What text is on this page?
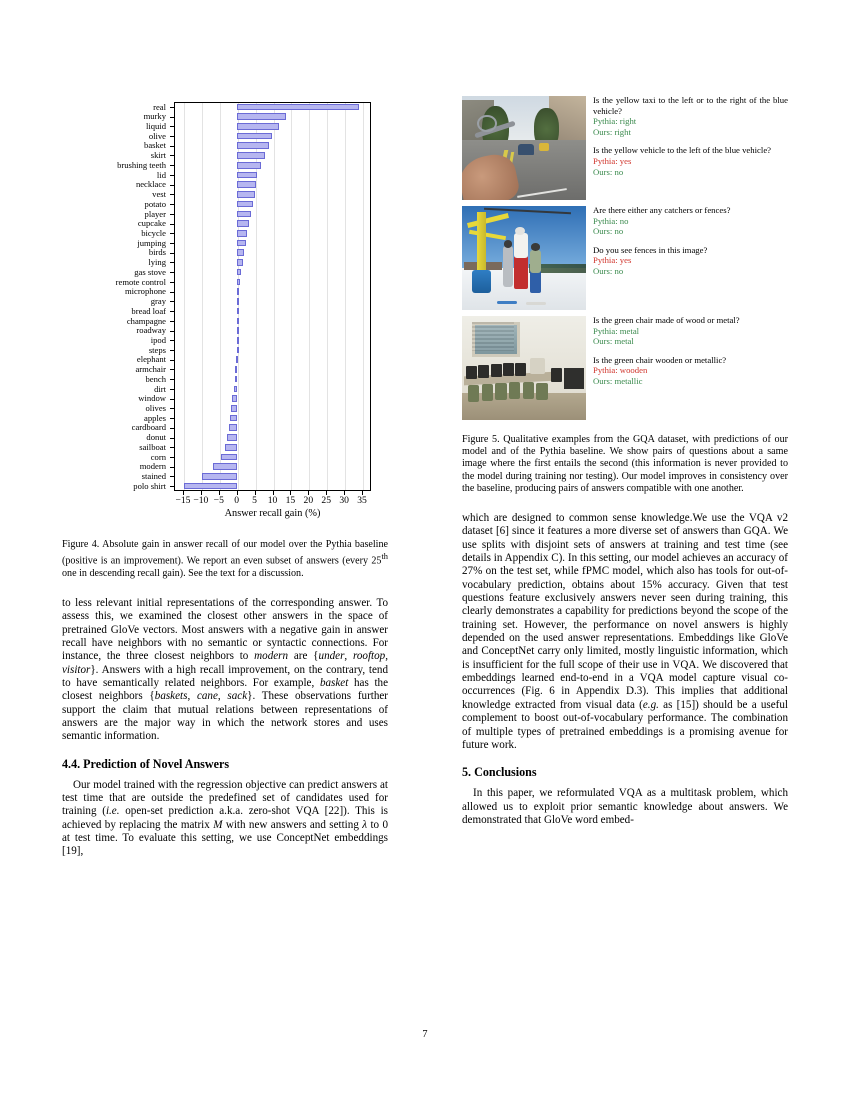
real
murky
liquid
olive
basket
skirt
brushing teeth
lid
necklace
vest
potato
player
cupcake
bicycle
jumping
birds
lying
gas stove
remote control
microphone
gray
bread loaf
champagne
roadway
ipod
steps
elephant
armchair
bench
dirt
window
olives
apples
cardboard
donut
sailboat
corn
modern
stained
polo shirt
−15 −10 −5 0 5 10 15 20 25 30 35
Answer recall gain (%)

Figure 4. Absolute gain in answer recall of our model over the Pythia baseline (positive is an improvement). We report an even subset of answers (every 25th one in descending recall gain). See the text for a discussion.

to less relevant initial representations of the corresponding answer. To assess this, we examined the closest other answers in the space of pretrained GloVe vectors. Most answers with a negative gain in answer recall have neighbors with no semantic or syntactic connections. For instance, the three closest neighbors to modern are {under, rooftop, visitor}. Answers with a high recall improvement, on the contrary, tend to have semantically related neighbors. For example, basket has the closest neighbors {baskets, cane, sack}. These observations further support the claim that mutual relations between representations of answers are the major way in which the network stores and uses semantic information.

4.4. Prediction of Novel Answers

Our model trained with the regression objective can predict answers at test time that are outside the predefined set of candidates used for training (i.e. open-set prediction a.k.a. zero-shot VQA [22]). This is achieved by replacing the matrix M with new answers and setting λ to 0 at test time. To evaluate this setting, we use ConceptNet embeddings [19],

Is the yellow taxi to the left or to the right of the blue vehicle?

Pythia: right

Ours: right

Is the yellow vehicle to the left of the blue vehicle?

Pythia: yes

Ours: no

Are there either any catchers or fences?

Pythia: no

Ours: no

Do you see fences in this image?

Pythia: yes

Ours: no

Is the green chair made of wood or metal?

Pythia: metal

Ours: metal

Is the green chair wooden or metallic?

Pythia: wooden

Ours: metallic

Figure 5. Qualitative examples from the GQA dataset, with predictions of our model and of the Pythia baseline. We show pairs of questions about a same image where the first entails the second (this information is never provided to the model during training nor testing). Our model improves in consistency over the baseline, producing pairs of answers compatible with one another.

which are designed to common sense knowledge.We use the VQA v2 dataset [6] since it features a more diverse set of answers than GQA. We use splits with disjoint sets of answers at training and test time (see details in Appendix C). In this setting, our model achieves an accuracy of 27% on the test set, while fPMC model, which also has tools for out-of-vocabulary prediction, obtains about 15% accuracy. Given that test questions feature exclusively answers never seen during training, this clearly demonstrates a capability for predictions beyond the scope of the training set. However, the performance on novel answers is highly depended on the used answer representations. Embeddings like GloVe and ConceptNet carry only limited, mostly linguistic information, which is insufficient for the full scope of their use in VQA. We discovered that embeddings learned end-to-end in a VQA model capture visual co-occurrences (Fig. 6 in Appendix D.3). This implies that additional knowledge extracted from visual data (e.g. as [15]) should be a useful complement to boost out-of-vocabulary performance. The combination of multiple types of pretrained embeddings is a promising avenue for future work.

5. Conclusions

In this paper, we reformulated VQA as a multitask problem, which allowed us to exploit prior semantic knowledge about answers. We demonstrated that GloVe word embed-

7
